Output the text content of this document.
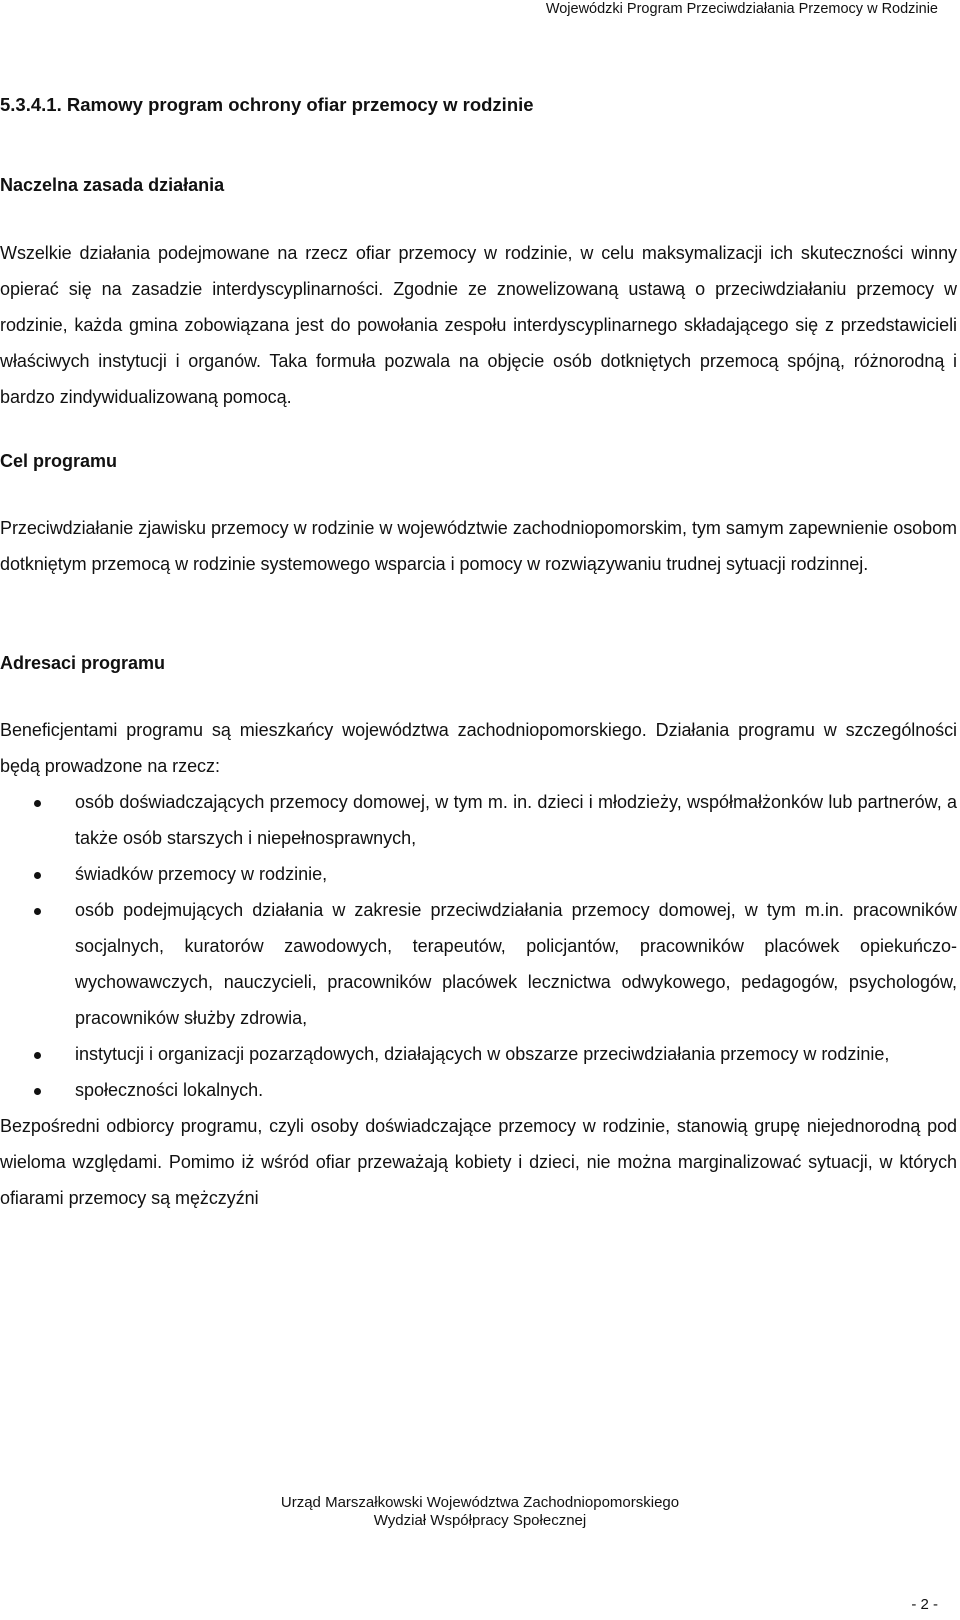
Wojewódzki Program Przeciwdziałania Przemocy w Rodzinie
5.3.4.1. Ramowy program ochrony ofiar przemocy w rodzinie
Naczelna zasada działania

Wszelkie działania podejmowane na rzecz ofiar przemocy w rodzinie, w celu maksymalizacji ich skuteczności winny opierać się na zasadzie interdyscyplinarności. Zgodnie ze znowelizowaną ustawą o przeciwdziałaniu przemocy w rodzinie, każda gmina zobowiązana jest do powołania zespołu interdyscyplinarnego składającego się z przedstawicieli właściwych instytucji i organów. Taka formuła pozwala na objęcie osób dotkniętych przemocą spójną, różnorodną i bardzo zindywidualizowaną pomocą.

Cel programu

Przeciwdziałanie zjawisku przemocy w rodzinie w województwie zachodniopomorskim, tym samym zapewnienie osobom dotkniętym przemocą w rodzinie systemowego wsparcia i pomocy w rozwiązywaniu trudnej sytuacji rodzinnej.

Adresaci programu

Beneficjentami programu są mieszkańcy województwa zachodniopomorskiego. Działania programu w szczególności będą prowadzone na rzecz:

osób doświadczających przemocy domowej, w tym m. in. dzieci i młodzieży, współmałżonków lub partnerów, a także osób starszych i niepełnosprawnych,
świadków przemocy w rodzinie,
osób podejmujących działania w zakresie przeciwdziałania przemocy domowej, w tym m.in. pracowników socjalnych, kuratorów zawodowych, terapeutów, policjantów, pracowników placówek opiekuńczo-wychowawczych, nauczycieli, pracowników placówek lecznictwa odwykowego, pedagogów, psychologów, pracowników służby zdrowia,
instytucji i organizacji pozarządowych, działających w obszarze przeciwdziałania przemocy w rodzinie,
społeczności lokalnych.

Bezpośredni odbiorcy programu, czyli osoby doświadczające przemocy w rodzinie, stanowią grupę niejednorodną pod wieloma względami. Pomimo iż wśród ofiar przeważają kobiety i dzieci, nie można marginalizować sytuacji, w których ofiarami przemocy są mężczyźni

Urząd Marszałkowski Województwa Zachodniopomorskiego
Wydział Współpracy Społecznej
- 2 -
